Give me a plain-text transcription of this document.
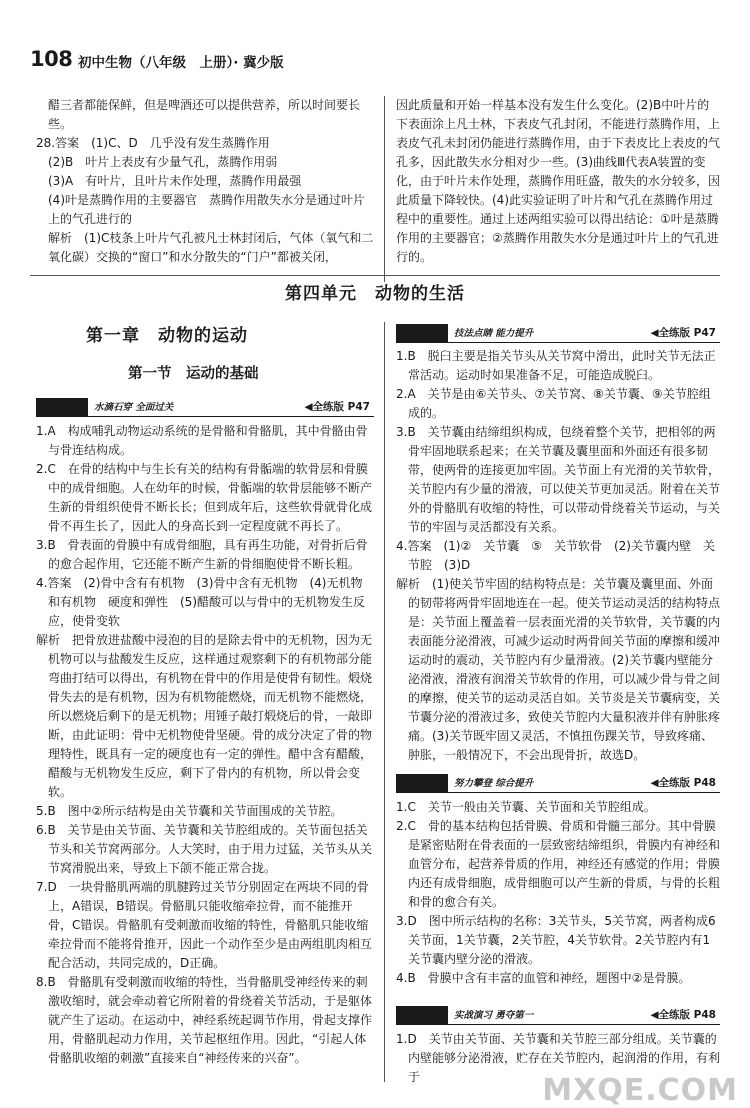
108 初中生物（八年级　上册）· 冀少版

醋三者都能保鲜，但是啤酒还可以提供营养，所以时间要长些。

28.答案　(1)C、D　几乎没有发生蒸腾作用

(2)B　叶片上表皮有少量气孔，蒸腾作用弱

(3)A　有叶片，且叶片未作处理，蒸腾作用最强

(4)叶是蒸腾作用的主要器官　蒸腾作用散失水分是通过叶片上的气孔进行的

解析　(1)C枝条上叶片气孔被凡士林封闭后，气体（氧气和二氧化碳）交换的“窗口”和水分散失的“门户”都被关闭，

因此质量和开始一样基本没有发生什么变化。(2)B中叶片的下表面涂上凡士林，下表皮气孔封闭，不能进行蒸腾作用，上表皮气孔未封闭仍能进行蒸腾作用，由于下表皮比上表皮的气孔多，因此散失水分相对少一些。(3)曲线Ⅲ代表A装置的变化，由于叶片未作处理，蒸腾作用旺盛，散失的水分较多，因此质量下降较快。(4)此实验证明了叶片和气孔在蒸腾作用过程中的重要性。通过上述两组实验可以得出结论：①叶是蒸腾作用的主要器官；②蒸腾作用散失水分是通过叶片上的气孔进行的。

第四单元　动物的生活
第一章　动物的运动
第一节　运动的基础
水滴石穿	水滴石穿 全面过关	◀全练版 P47

1.A　构成哺乳动物运动系统的是骨骼和骨骼肌，其中骨骼由骨与骨连结构成。

2.C　在骨的结构中与生长有关的结构有骨骺端的软骨层和骨膜中的成骨细胞。人在幼年的时候，骨骺端的软骨层能够不断产生新的骨组织使骨不断长长；但到成年后，这些软骨就骨化成骨不再生长了，因此人的身高长到一定程度就不再长了。

3.B　骨表面的骨膜中有成骨细胞，具有再生功能，对骨折后骨的愈合起作用，它还能不断产生新的骨细胞使骨不断长粗。

4.答案　(2)骨中含有有机物　(3)骨中含有无机物　(4)无机物和有机物　硬度和弹性　(5)醋酸可以与骨中的无机物发生反应，使骨变软

解析　把骨放进盐酸中浸泡的目的是除去骨中的无机物，因为无机物可以与盐酸发生反应，这样通过观察剩下的有机物部分能弯曲打结可以得出，有机物在骨中的作用是使骨有韧性。煅烧骨失去的是有机物，因为有机物能燃烧，而无机物不能燃烧，所以燃烧后剩下的是无机物；用锤子敲打煅烧后的骨，一敲即断，由此证明：骨中无机物使骨坚硬。骨的成分决定了骨的物理特性，既具有一定的硬度也有一定的弹性。醋中含有醋酸，醋酸与无机物发生反应，剩下了骨内的有机物，所以骨会变软。

5.B　图中②所示结构是由关节囊和关节面围成的关节腔。

6.B　关节是由关节面、关节囊和关节腔组成的。关节面包括关节头和关节窝两部分。人大笑时，由于用力过猛，关节头从关节窝滑脱出来，导致上下颌不能正常合拢。

7.D　一块骨骼肌两端的肌腱跨过关节分别固定在两块不同的骨上，A错误，B错误。骨骼肌只能收缩牵拉骨，而不能推开骨，C错误。骨骼肌有受刺激而收缩的特性，骨骼肌只能收缩牵拉骨而不能将骨推开，因此一个动作至少是由两组肌肉相互配合活动，共同完成的，D正确。

8.B　骨骼肌有受刺激而收缩的特性，当骨骼肌受神经传来的刺激收缩时，就会牵动着它所附着的骨绕着关节活动，于是躯体就产生了运动。在运动中，神经系统起调节作用，骨起支撑作用，骨骼肌起动力作用，关节起枢纽作用。因此，“引起人体骨骼肌收缩的刺激”直接来自“神经传来的兴奋”。

能力提升	技法点睛 能力提升	◀全练版 P47

1.B　脱臼主要是指关节头从关节窝中滑出，此时关节无法正常活动。运动时如果准备不足，可能造成脱臼。

2.A　关节是由⑥关节头、⑦关节窝、⑧关节囊、⑨关节腔组成的。

3.B　关节囊由结缔组织构成，包绕着整个关节，把相邻的两骨牢固地联系起来；在关节囊及囊里面和外面还有很多韧带，使两骨的连接更加牢固。关节面上有光滑的关节软骨，关节腔内有少量的滑液，可以使关节更加灵活。附着在关节外的骨骼肌有收缩的特性，可以带动骨绕着关节运动，与关节的牢固与灵活都没有关系。

4.答案　(1)②　关节囊　⑤　关节软骨　(2)关节囊内壁　关节腔　(3)D

解析　(1)使关节牢固的结构特点是：关节囊及囊里面、外面的韧带将两骨牢固地连在一起。使关节运动灵活的结构特点是：关节面上覆盖着一层表面光滑的关节软骨，关节囊的内表面能分泌滑液，可减少运动时两骨间关节面的摩擦和缓冲运动时的震动，关节腔内有少量滑液。(2)关节囊内壁能分泌滑液，滑液有润滑关节软骨的作用，可以减少骨与骨之间的摩擦，使关节的运动灵活自如。关节炎是关节囊病变，关节囊分泌的滑液过多，致使关节腔内大量积液并伴有肿胀疼痛。(3)关节既牢固又灵活，不慎扭伤踝关节，导致疼痛、肿胀，一般情况下，不会出现骨折，故选D。

努力攀登	努力攀登 综合提升	◀全练版 P48

1.C　关节一般由关节囊、关节面和关节腔组成。

2.C　骨的基本结构包括骨膜、骨质和骨髓三部分。其中骨膜是紧密贴附在骨表面的一层致密结缔组织，骨膜内有神经和血管分布，起营养骨质的作用，神经还有感觉的作用；骨膜内还有成骨细胞，成骨细胞可以产生新的骨质，与骨的长粗和骨的愈合有关。

3.D　图中所示结构的名称：3关节头，5关节窝，两者构成6关节面，1关节囊，2关节腔，4关节软骨。2关节腔内有1关节囊内壁分泌的滑液。

4.B　骨膜中含有丰富的血管和神经，题图中②是骨膜。

实战演习	实战演习 勇夺第一	◀全练版 P48

1.D　关节由关节面、关节囊和关节腔三部分组成。关节囊的内壁能够分泌滑液，贮存在关节腔内，起润滑的作用，有利于	MXQE.COM
